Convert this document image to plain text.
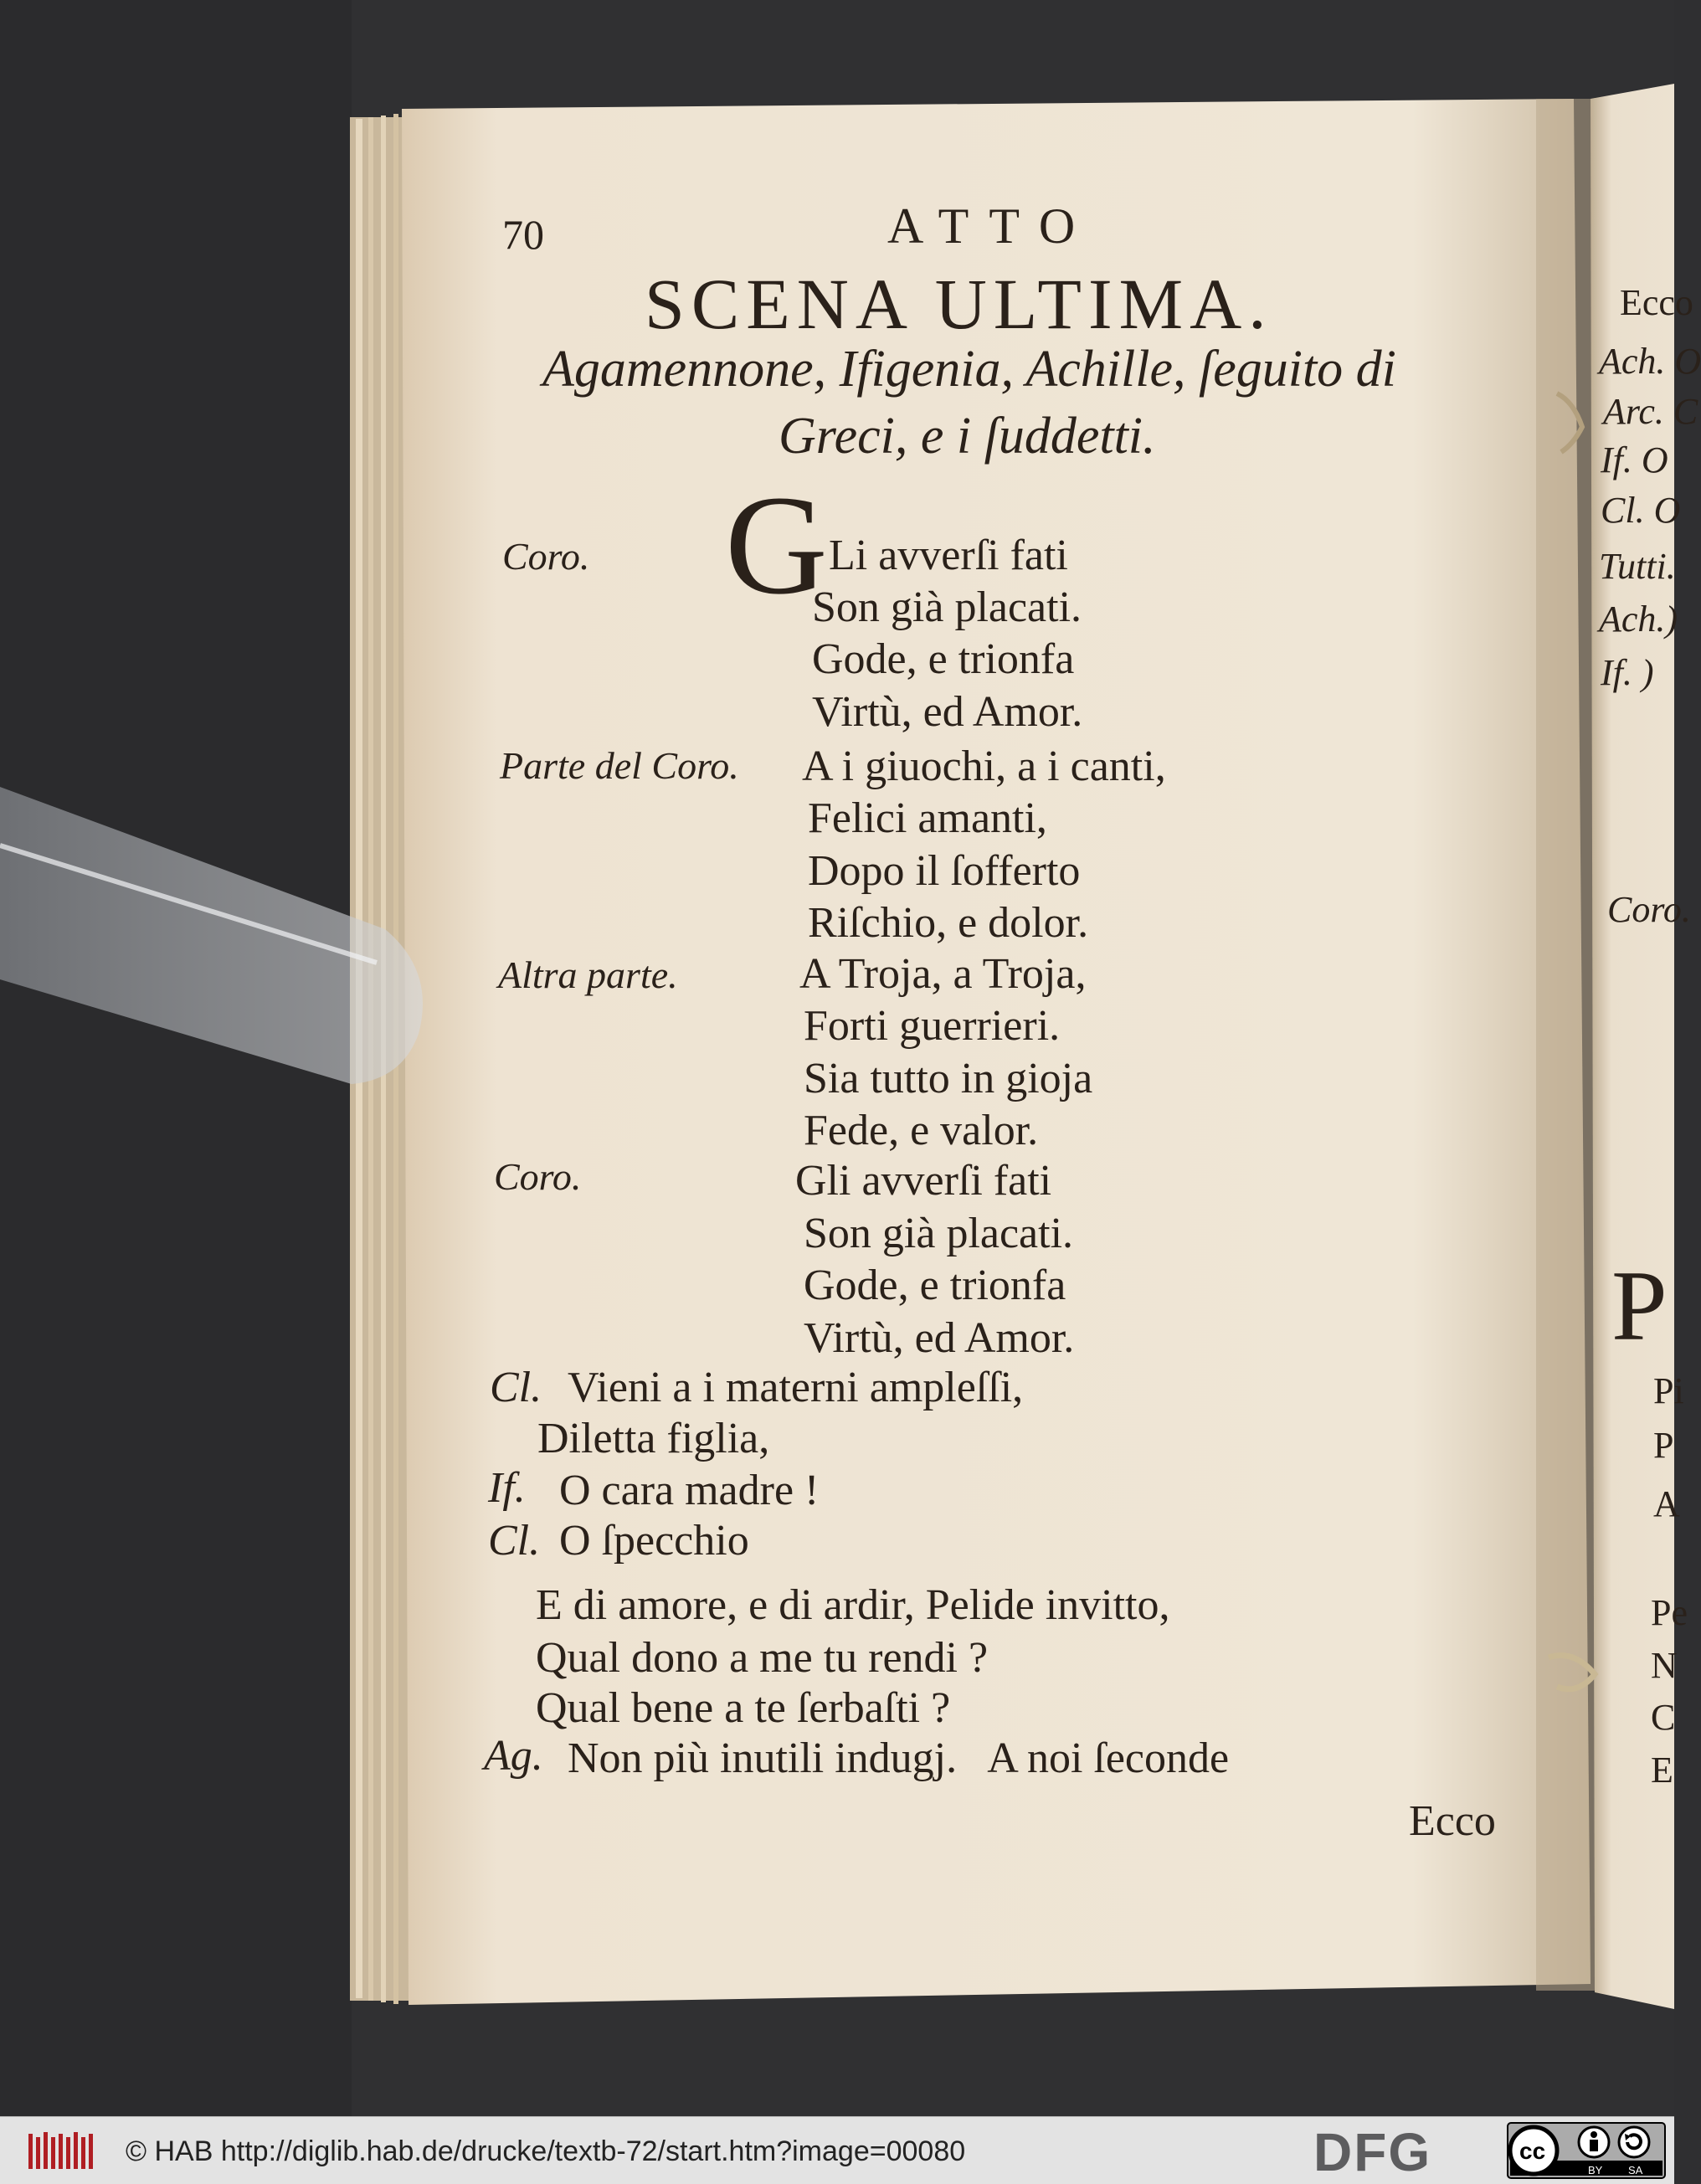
70	ATTO
SCENA ULTIMA.
Agamennone, Ifigenia, Achille, ſeguito di
Greci, e i ſuddetti.
G
Coro.
Parte del Coro.
Altra parte.
Coro.
Cl.
If.
Cl.
Ag.
Li avverſi fati
Son già placati.
Gode, e trionfa
Virtù, ed Amor.
A i giuochi, a i canti,
Felici amanti,
Dopo il ſofferto
Riſchio, e dolor.
A Troja, a Troja,
Forti guerrieri.
Sia tutto in gioja
Fede, e valor.
Gli avverſi fati
Son già placati.
Gode, e trionfa
Virtù, ed Amor.
Vieni a i materni ampleſſi,
Diletta figlia,
O cara madre !
O ſpecchio
E di amore, e di ardir, Pelide invitto,
Qual dono a me tu rendi ?
Qual bene a te ſerbaſti ?
Non più inutili indugj.   A noi ſeconde
Ecco
Ecco
Ach. O
Arc. C
If. O
Cl. O
Tutti.
Ach.)
If. )
Coro.
P
Pi
P
A
Pe
N
C
E
© HAB http://diglib.hab.de/drucke/textb-72/start.htm?image=00080	DFG	cc
BY SA
